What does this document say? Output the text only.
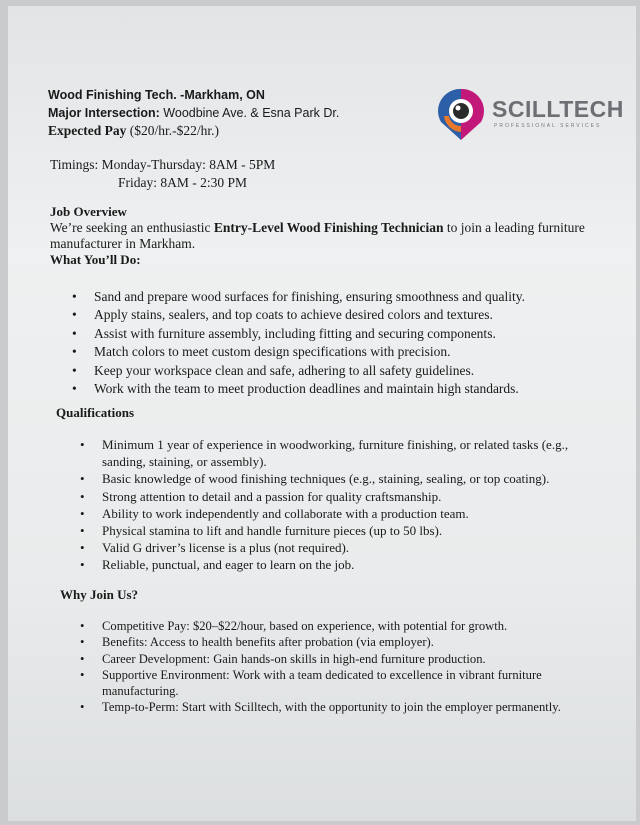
Wood Finishing Tech. -Markham, ON
Major Intersection: Woodbine Ave. & Esna Park Dr.
Expected Pay ($20/hr.-$22/hr.)
SCILLTECH
PROFESSIONAL SERVICES
Timings: Monday-Thursday: 8AM - 5PM
Friday: 8AM - 2:30 PM
Job Overview
We’re seeking an enthusiastic Entry-Level Wood Finishing Technician to join a leading furniture manufacturer in Markham.
What You’ll Do:
• Sand and prepare wood surfaces for finishing, ensuring smoothness and quality.
• Apply stains, sealers, and top coats to achieve desired colors and textures.
• Assist with furniture assembly, including fitting and securing components.
• Match colors to meet custom design specifications with precision.
• Keep your workspace clean and safe, adhering to all safety guidelines.
• Work with the team to meet production deadlines and maintain high standards.
Qualifications
• Minimum 1 year of experience in woodworking, furniture finishing, or related tasks (e.g., sanding, staining, or assembly).
• Basic knowledge of wood finishing techniques (e.g., staining, sealing, or top coating).
• Strong attention to detail and a passion for quality craftsmanship.
• Ability to work independently and collaborate with a production team.
• Physical stamina to lift and handle furniture pieces (up to 50 lbs).
• Valid G driver’s license is a plus (not required).
• Reliable, punctual, and eager to learn on the job.
Why Join Us?
• Competitive Pay: $20–$22/hour, based on experience, with potential for growth.
• Benefits: Access to health benefits after probation (via employer).
• Career Development: Gain hands-on skills in high-end furniture production.
• Supportive Environment: Work with a team dedicated to excellence in vibrant furniture manufacturing.
• Temp-to-Perm: Start with Scilltech, with the opportunity to join the employer permanently.
